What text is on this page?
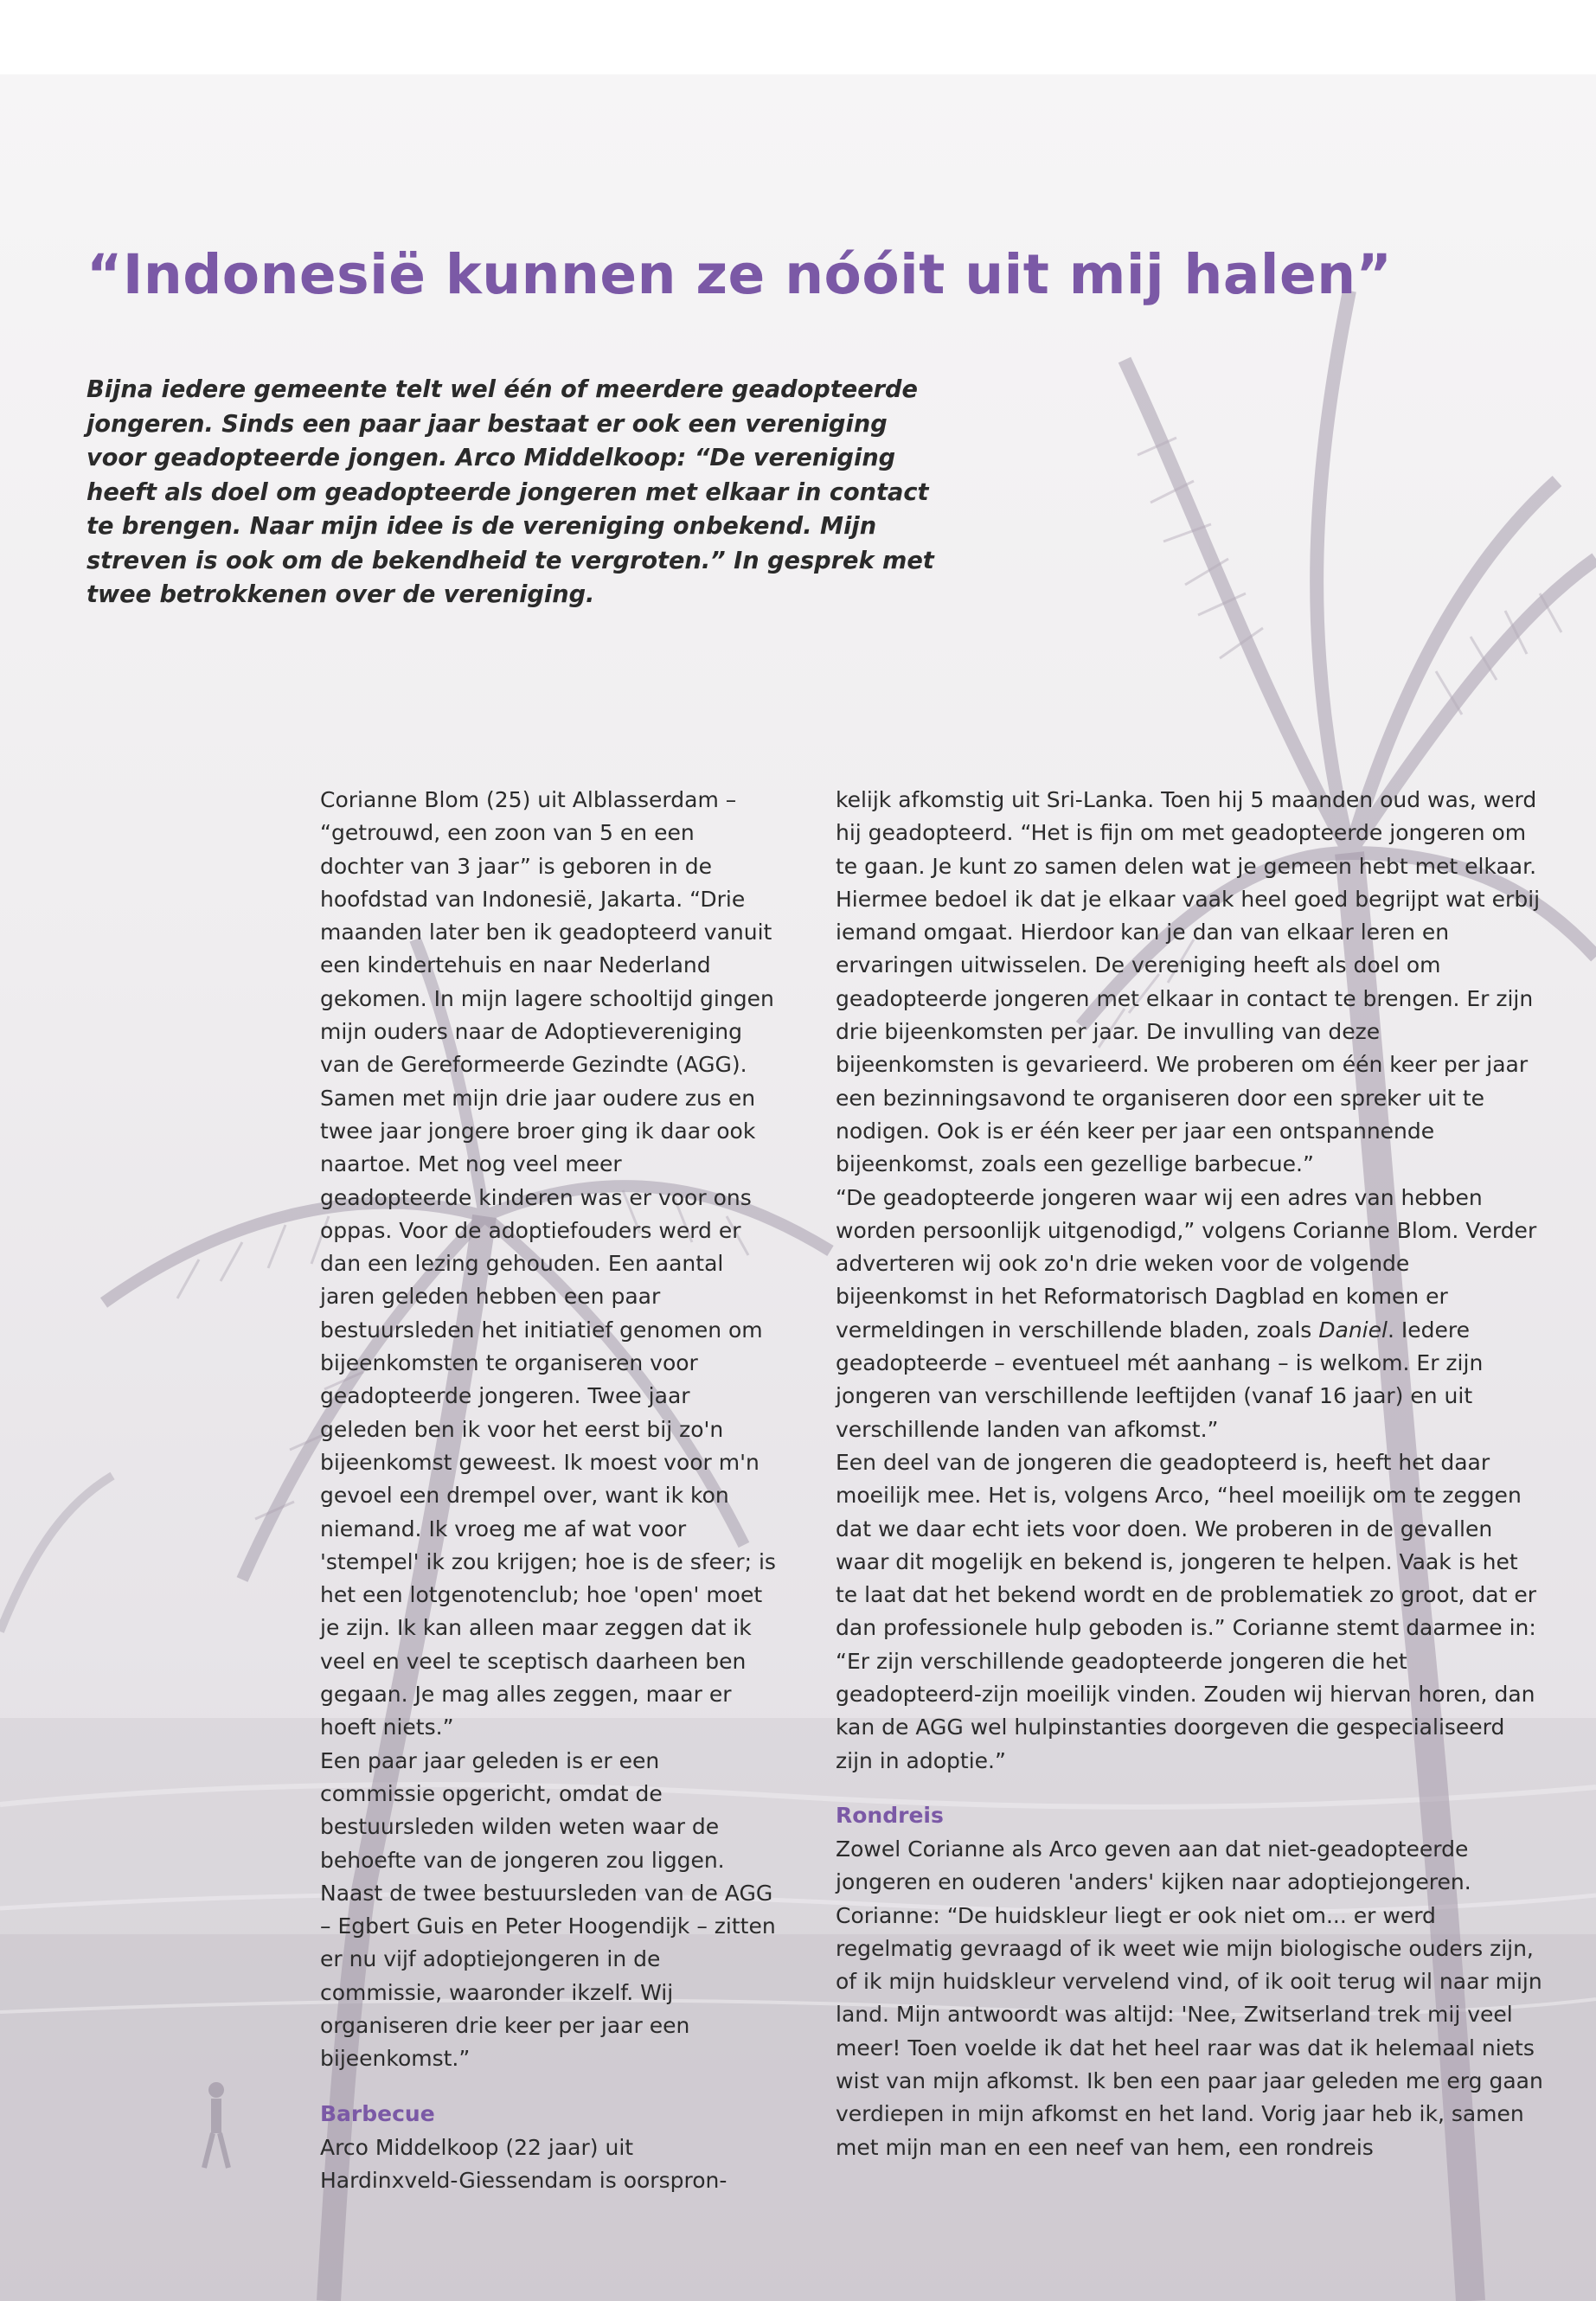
“Indonesië kunnen ze nóóit uit mij halen”

Bijna iedere gemeente telt wel één of meerdere geadopteerde jongeren. Sinds een paar jaar bestaat er ook een vereniging voor geadopteerde jongen. Arco Middelkoop: “De vereniging heeft als doel om geadopteerde jongeren met elkaar in contact te brengen. Naar mijn idee is de vereniging onbekend. Mijn streven is ook om de bekendheid te vergroten.” In gesprek met twee betrokkenen over de vereniging.

Corianne Blom (25) uit Alblasserdam – “getrouwd, een zoon van 5 en een dochter van 3 jaar” is geboren in de hoofdstad van Indonesië, Jakarta. “Drie maanden later ben ik geadopteerd vanuit een kindertehuis en naar Nederland gekomen. In mijn lagere schooltijd gingen mijn ouders naar de Adoptievereniging van de Gereformeerde Gezindte (AGG). Samen met mijn drie jaar oudere zus en twee jaar jongere broer ging ik daar ook naartoe. Met nog veel meer geadopteerde kinderen was er voor ons oppas. Voor de adoptiefouders werd er dan een lezing gehouden. Een aantal jaren geleden hebben een paar bestuursleden het initiatief genomen om bijeenkomsten te organiseren voor geadopteerde jongeren. Twee jaar geleden ben ik voor het eerst bij zo'n bijeenkomst geweest. Ik moest voor m'n gevoel een drempel over, want ik kon niemand. Ik vroeg me af wat voor 'stempel' ik zou krijgen; hoe is de sfeer; is het een lotgenotenclub; hoe 'open' moet je zijn. Ik kan alleen maar zeggen dat ik veel en veel te sceptisch daarheen ben gegaan. Je mag alles zeggen, maar er hoeft niets.”

Een paar jaar geleden is er een commissie opgericht, omdat de bestuursleden wilden weten waar de behoefte van de jongeren zou liggen. Naast de twee bestuursleden van de AGG – Egbert Guis en Peter Hoogendijk – zitten er nu vijf adoptiejongeren in de commissie, waaronder ikzelf. Wij organiseren drie keer per jaar een bijeenkomst.”

Barbecue

Arco Middelkoop (22 jaar) uit Hardinxveld-Giessendam is oorspron-

kelijk afkomstig uit Sri-Lanka. Toen hij 5 maanden oud was, werd hij geadopteerd. “Het is fijn om met geadopteerde jongeren om te gaan. Je kunt zo samen delen wat je gemeen hebt met elkaar. Hiermee bedoel ik dat je elkaar vaak heel goed begrijpt wat erbij iemand omgaat. Hierdoor kan je dan van elkaar leren en ervaringen uitwisselen. De vereniging heeft als doel om geadopteerde jongeren met elkaar in contact te brengen. Er zijn drie bijeenkomsten per jaar. De invulling van deze bijeenkomsten is gevarieerd. We proberen om één keer per jaar een bezinningsavond te organiseren door een spreker uit te nodigen. Ook is er één keer per jaar een ontspannende bijeenkomst, zoals een gezellige barbecue.”

“De geadopteerde jongeren waar wij een adres van hebben worden persoonlijk uitgenodigd,” volgens Corianne Blom. Verder adverteren wij ook zo'n drie weken voor de volgende bijeenkomst in het Reformatorisch Dagblad en komen er vermeldingen in verschillende bladen, zoals Daniel. Iedere geadopteerde – eventueel mét aanhang – is welkom. Er zijn jongeren van verschillende leeftijden (vanaf 16 jaar) en uit verschillende landen van afkomst.”

Een deel van de jongeren die geadopteerd is, heeft het daar moeilijk mee. Het is, volgens Arco, “heel moeilijk om te zeggen dat we daar echt iets voor doen. We proberen in de gevallen waar dit mogelijk en bekend is, jongeren te helpen. Vaak is het te laat dat het bekend wordt en de problematiek zo groot, dat er dan professionele hulp geboden is.” Corianne stemt daarmee in: “Er zijn verschillende geadopteerde jongeren die het geadopteerd-zijn moeilijk vinden. Zouden wij hiervan horen, dan kan de AGG wel hulpinstanties doorgeven die gespecialiseerd zijn in adoptie.”

Rondreis

Zowel Corianne als Arco geven aan dat niet-geadopteerde jongeren en ouderen 'anders' kijken naar adoptiejongeren. Corianne: “De huidskleur liegt er ook niet om... er werd regelmatig gevraagd of ik weet wie mijn biologische ouders zijn, of ik mijn huidskleur vervelend vind, of ik ooit terug wil naar mijn land. Mijn antwoordt was altijd: 'Nee, Zwitserland trek mij veel meer! Toen voelde ik dat het heel raar was dat ik helemaal niets wist van mijn afkomst. Ik ben een paar jaar geleden me erg gaan verdiepen in mijn afkomst en het land. Vorig jaar heb ik, samen met mijn man en een neef van hem, een rondreis
